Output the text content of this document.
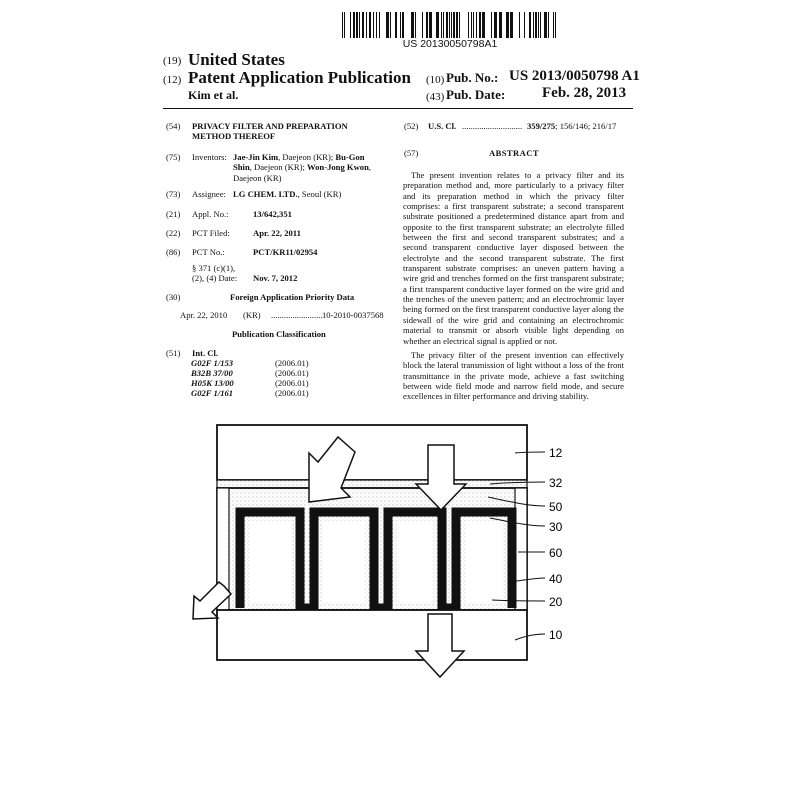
US 20130050798A1
(19) United States
(12) Patent Application Publication
Kim et al.
(10) Pub. No.: US 2013/0050798 A1
(43) Pub. Date: Feb. 28, 2013
(54) PRIVACY FILTER AND PREPARATION
METHOD THEREOF
(75) Inventors: Jae-Jin Kim, Daejeon (KR); Bu-Gon
Shin, Daejeon (KR); Won-Jong Kwon,
Daejeon (KR)
(73) Assignee: LG CHEM. LTD., Seoul (KR)
(21) Appl. No.:	13/642,351
(22) PCT Filed:	Apr. 22, 2011
(86) PCT No.:	PCT/KR11/02954
§ 371 (c)(1),
(2), (4) Date: Nov. 7, 2012
(30)	Foreign Application Priority Data
Apr. 22, 2010 (KR) ........................ 10-2010-0037568
Publication Classification
(51) Int. Cl.
G02F 1/153	(2006.01)
B32B 37/00	(2006.01)
H05K 13/00	(2006.01)
G02F 1/161	(2006.01)
(52) U.S. Cl. ............................ 359/275; 156/146; 216/17
(57)	ABSTRACT

The present invention relates to a privacy filter and its preparation method and, more particularly to a privacy filter and its preparation method in which the privacy filter comprises: a first transparent substrate; a second transparent substrate positioned a predetermined distance apart from and opposite to the first transparent substrate; an electrolyte filled between the first and second transparent substrates; and a second transparent conductive layer disposed between the electrolyte and the second transparent substrate. The first transparent substrate comprises: an uneven pattern having a wire grid and trenches formed on the first transparent substrate; a first transparent conductive layer formed on the wire grid and the trenches of the uneven pattern; and an electrochromic layer being formed on the first transparent conductive layer along the sidewall of the wire grid and containing an electrochromic material to transmit or absorb visible light depending on whether an electrical signal is applied or not.

The privacy filter of the present invention can effectively block the lateral transmission of light without a loss of the front transmittance in the private mode, achieve a fast switching between wide field mode and narrow field mode, and secure excellences in filter performance and driving stability.

12
32
50
30
60
40
20
10
